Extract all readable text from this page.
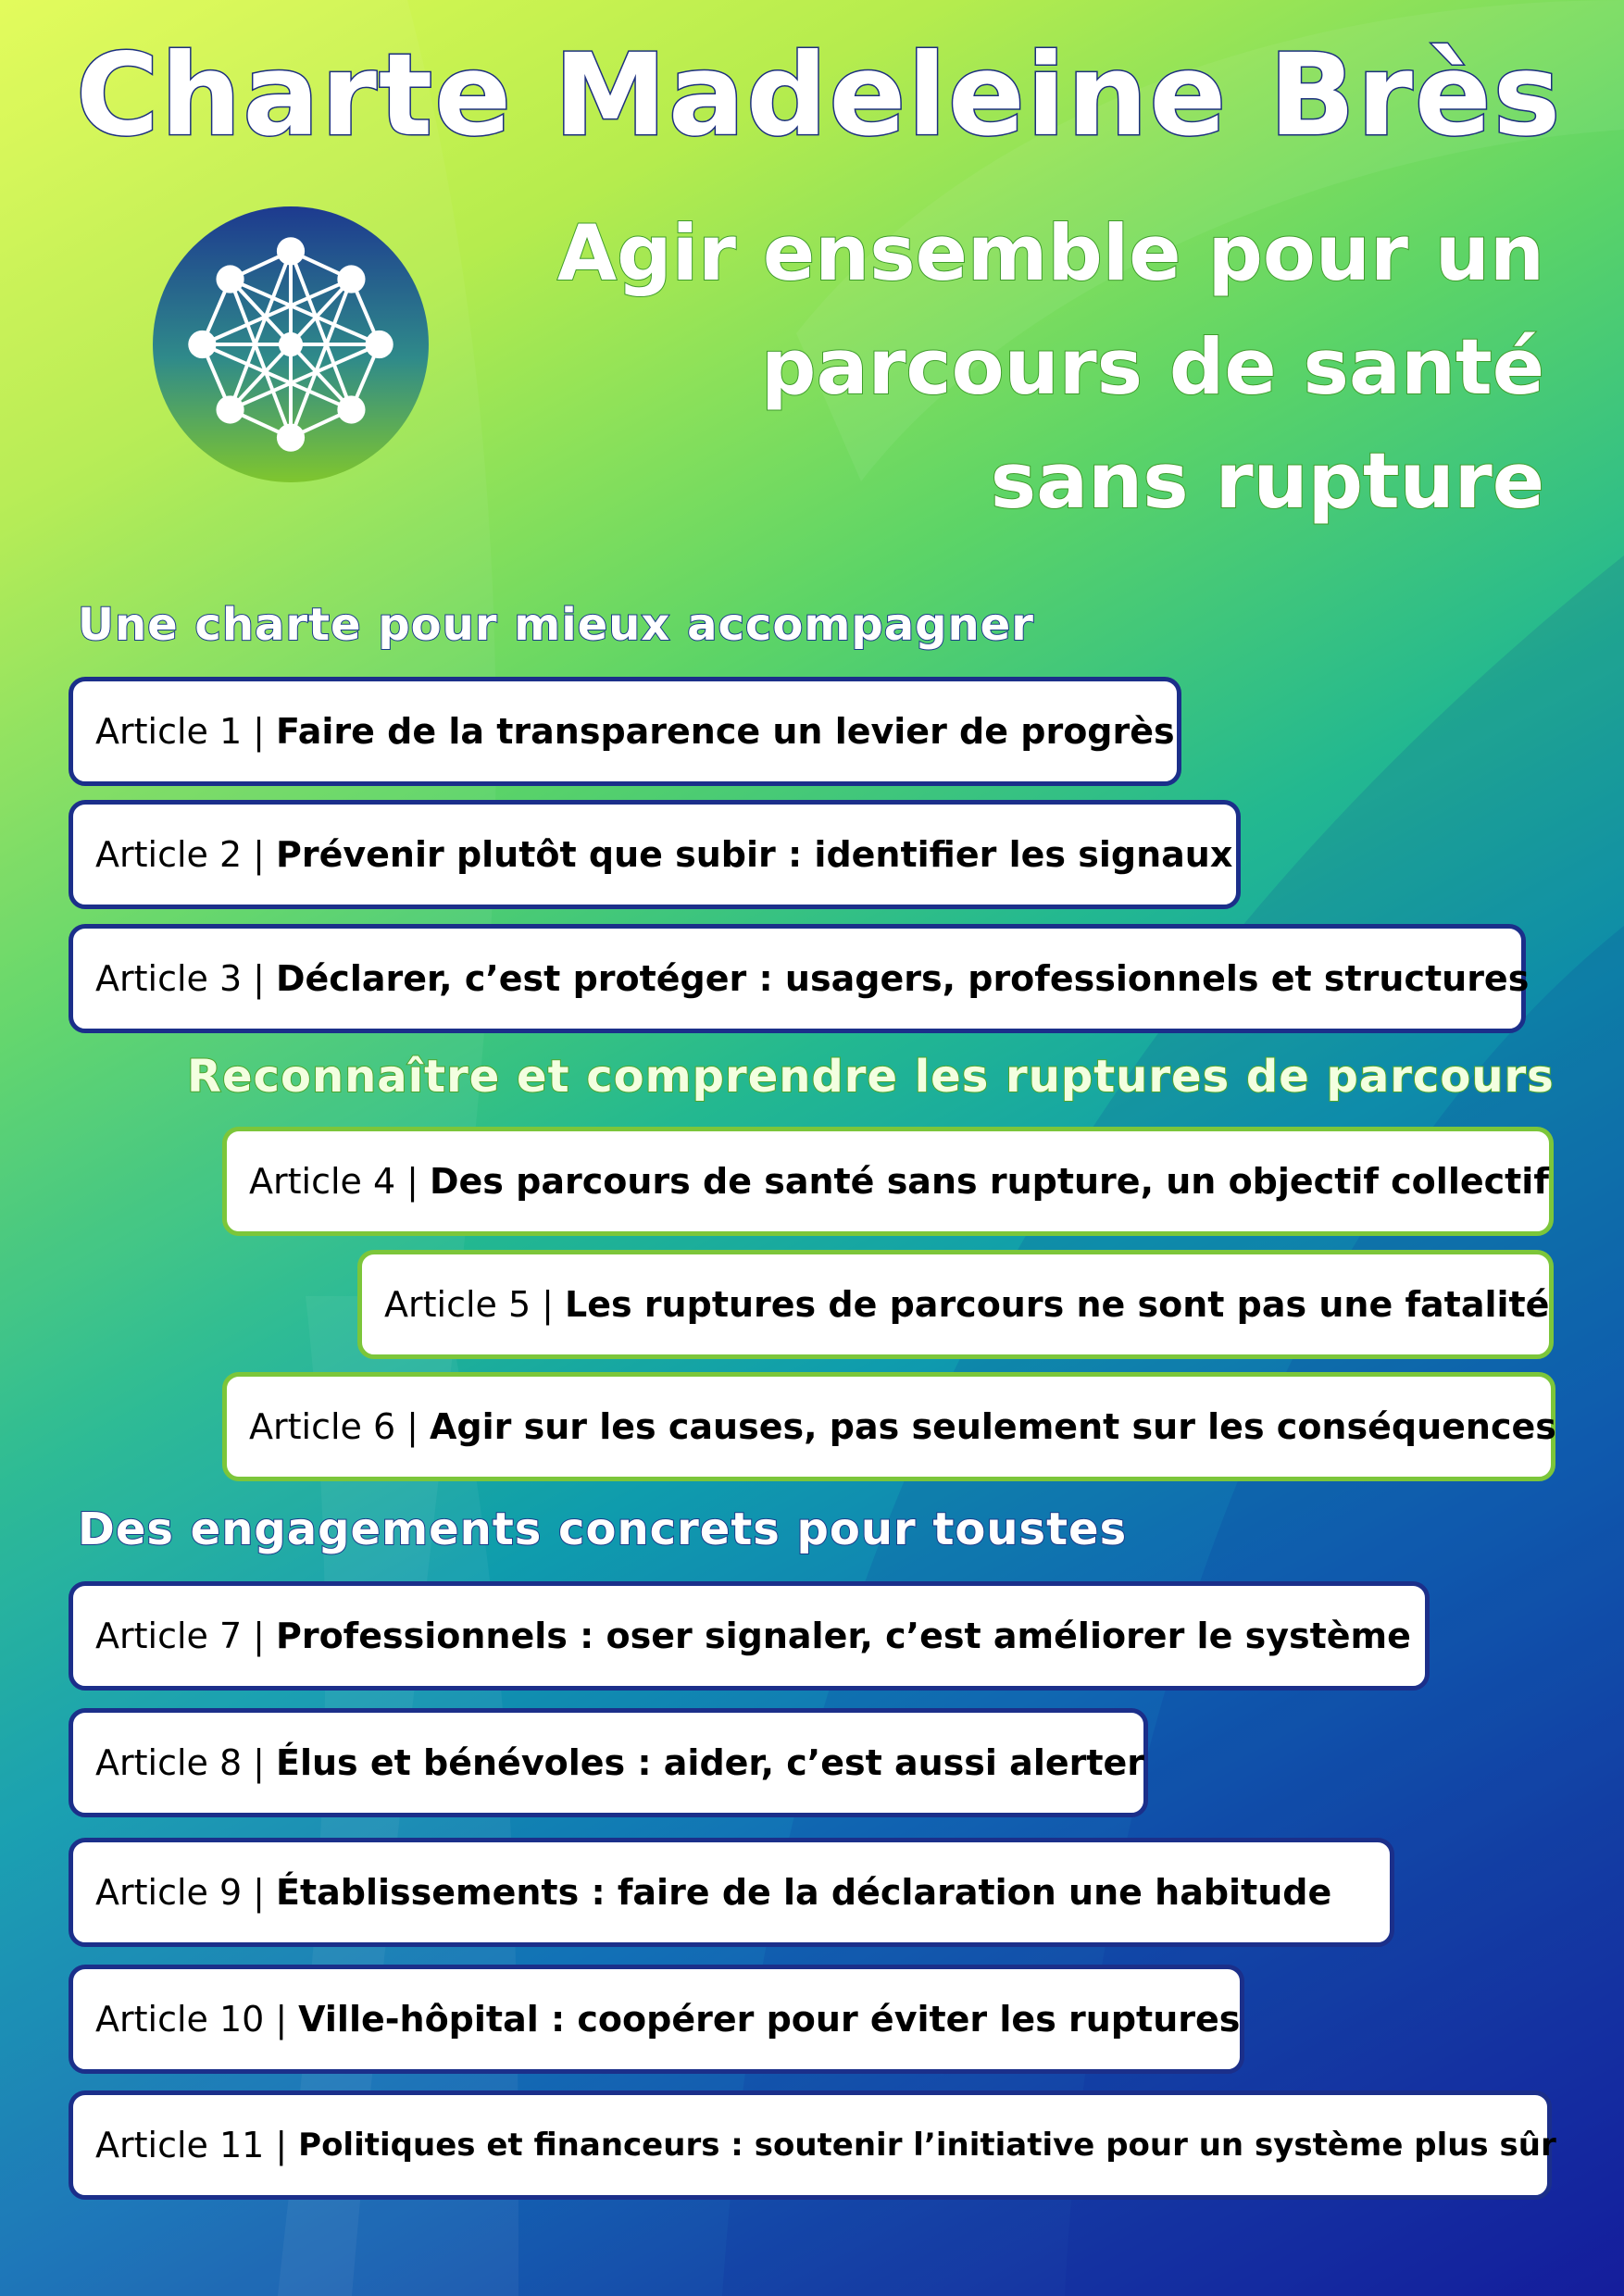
Charte Madeleine Brès
Agir ensemble pour un
parcours de santé
sans rupture
Une charte pour mieux accompagner
Article 1 | Faire de la transparence un levier de progrès
Article 2 | Prévenir plutôt que subir : identifier les signaux
Article 3 | Déclarer, c’est protéger : usagers, professionnels et structures
Reconnaître et comprendre les ruptures de parcours
Article 4 | Des parcours de santé sans rupture, un objectif collectif
Article 5 | Les ruptures de parcours ne sont pas une fatalité
Article 6 | Agir sur les causes, pas seulement sur les conséquences
Des engagements concrets pour toustes
Article 7 | Professionnels : oser signaler, c’est améliorer le système
Article 8 | Élus et bénévoles : aider, c’est aussi alerter
Article 9 | Établissements : faire de la déclaration une habitude
Article 10 | Ville-hôpital : coopérer pour éviter les ruptures
Article 11 | Politiques et financeurs : soutenir l’initiative pour un système plus sûr
